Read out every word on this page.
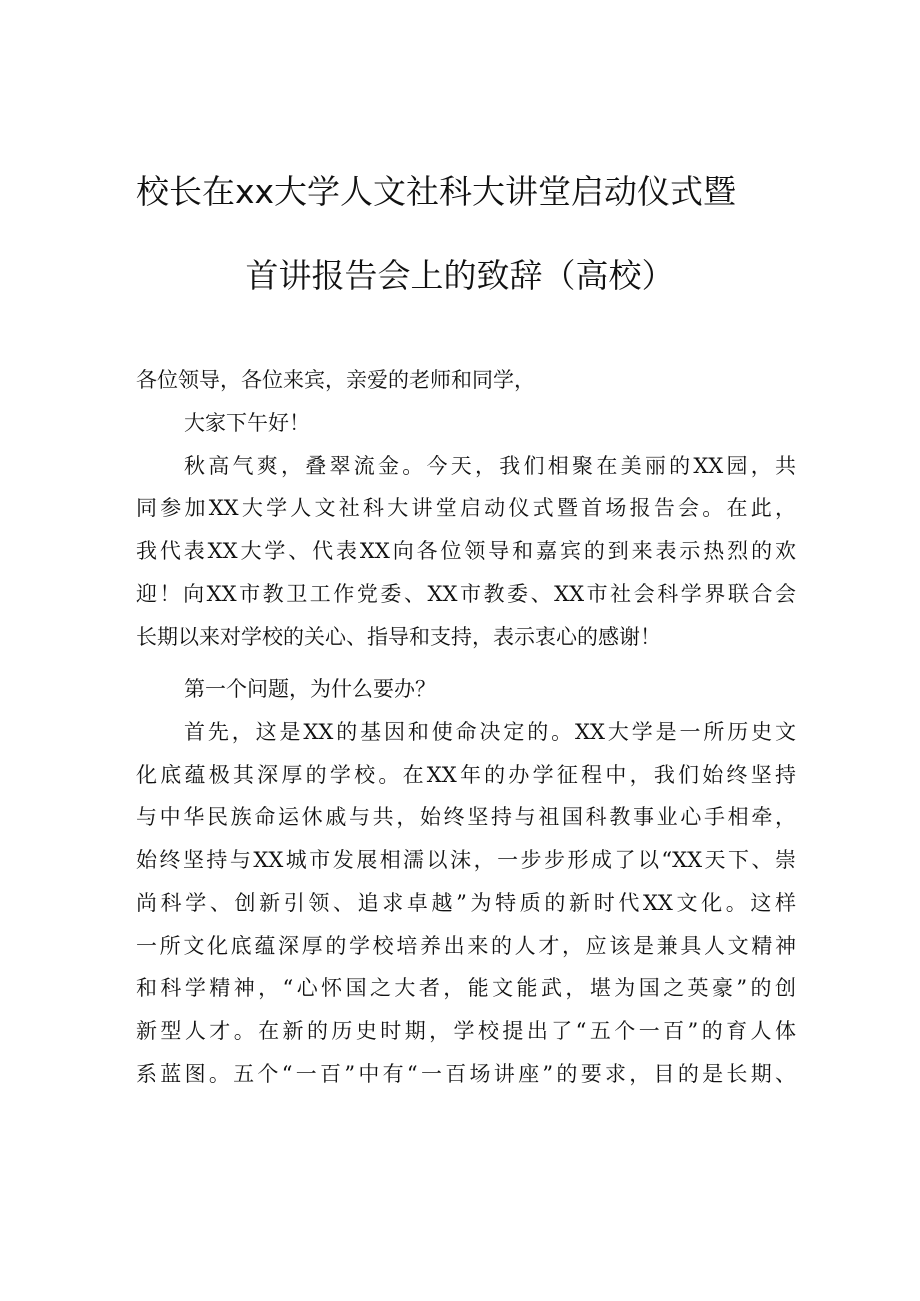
校长在xx大学人文社科大讲堂启动仪式暨
首讲报告会上的致辞（高校）
各位领导，各位来宾，亲爱的老师和同学，
大家下午好！
秋高气爽，叠翠流金。今天，我们相聚在美丽的XX园，共
同参加XX大学人文社科大讲堂启动仪式暨首场报告会。在此，
我代表XX大学、代表XX向各位领导和嘉宾的到来表示热烈的欢
迎！向XX市教卫工作党委、XX市教委、XX市社会科学界联合会
长期以来对学校的关心、指导和支持，表示衷心的感谢！
第一个问题，为什么要办？
首先，这是XX的基因和使命决定的。XX大学是一所历史文
化底蕴极其深厚的学校。在XX年的办学征程中，我们始终坚持
与中华民族命运休戚与共，始终坚持与祖国科教事业心手相牵，
始终坚持与XX城市发展相濡以沫，一步步形成了以“XX天下、崇
尚科学、创新引领、追求卓越”为特质的新时代XX文化。这样
一所文化底蕴深厚的学校培养出来的人才，应该是兼具人文精神
和科学精神，“心怀国之大者，能文能武，堪为国之英豪”的创
新型人才。在新的历史时期，学校提出了“五个一百”的育人体
系蓝图。五个“一百”中有“一百场讲座”的要求，目的是长期、
